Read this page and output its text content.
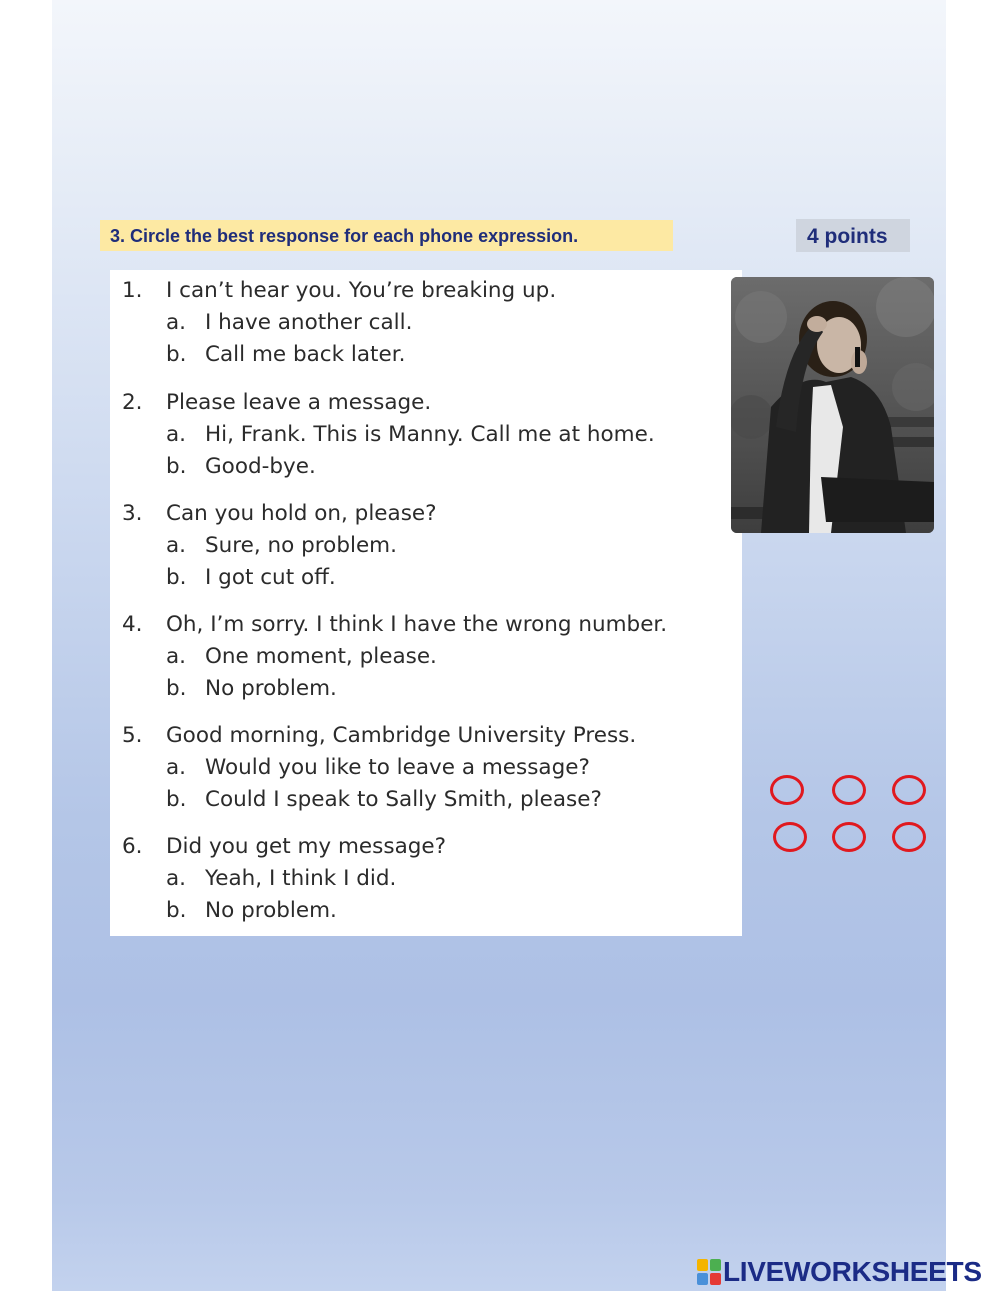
3. Circle the best response for each phone expression.	4 points
1. I can’t hear you. You’re breaking up.
a. I have another call.
b. Call me back later.
2. Please leave a message.
a. Hi, Frank. This is Manny. Call me at home.
b. Good-bye.
3. Can you hold on, please?
a. Sure, no problem.
b. I got cut off.
4. Oh, I’m sorry. I think I have the wrong number.
a. One moment, please.
b. No problem.
5. Good morning, Cambridge University Press.
a. Would you like to leave a message?
b. Could I speak to Sally Smith, please?
6. Did you get my message?
a. Yeah, I think I did.
b. No problem.
LIVEWORKSHEETS
